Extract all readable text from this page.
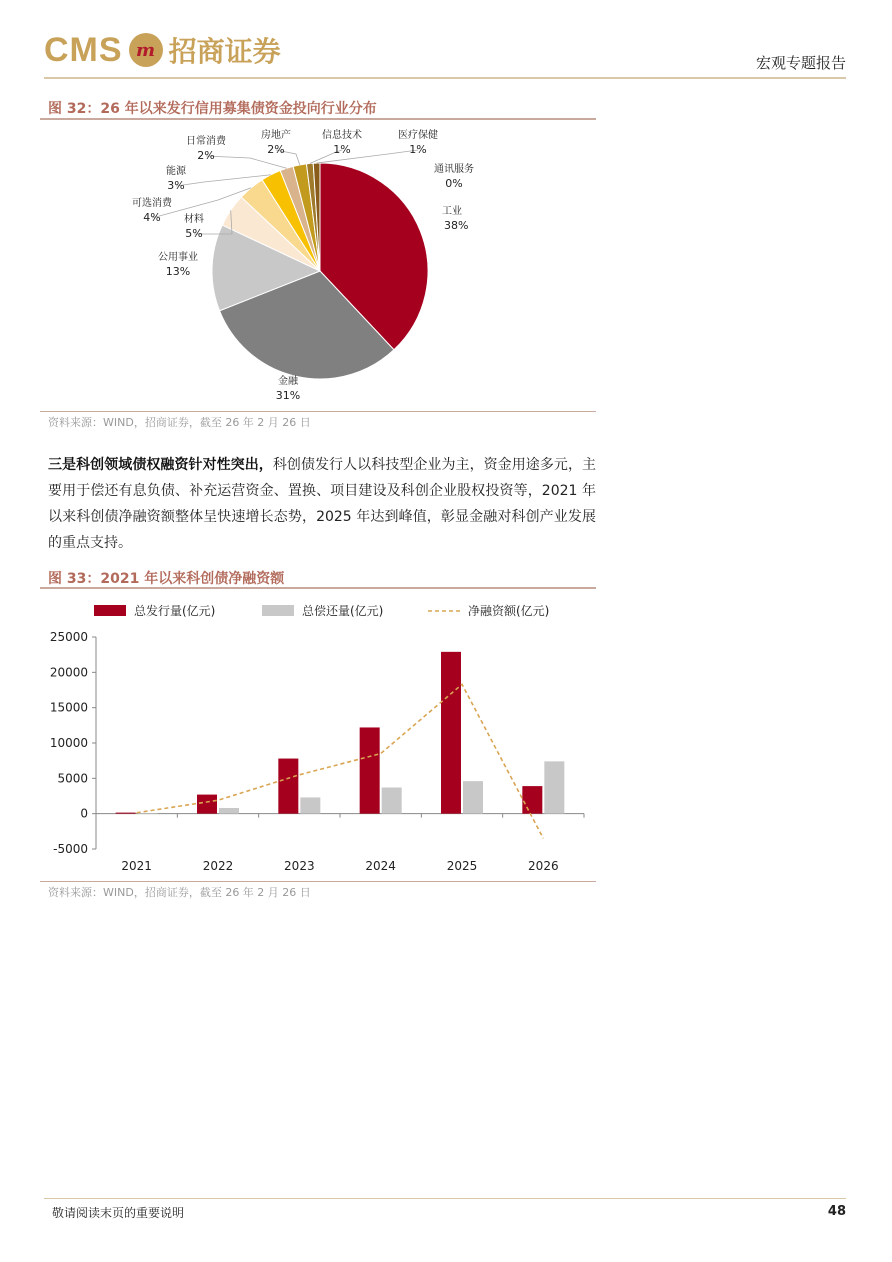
CMS m 招商证券	宏观专题报告
图 32：26 年以来发行信用募集债资金投向行业分布
工业
38%
金融
31%
公用事业
13%
材料
5%
可选消费
4%
能源
3%
日常消费
2%
房地产
2%
信息技术
1%
医疗保健
1%
通讯服务
0%
资料来源：WIND，招商证券，截至 26 年 2 月 26 日
三是科创领域债权融资针对性突出，科创债发行人以科技型企业为主，资金用途多元，主要用于偿还有息负债、补充运营资金、置换、项目建设及科创企业股权投资等，2021 年以来科创债净融资额整体呈快速增长态势，2025 年达到峰值，彰显金融对科创产业发展的重点支持。
图 33：2021 年以来科创债净融资额
-5000
0
5000
10000
15000
20000
25000
2021	2022	2023	2024	2025	2026
总发行量(亿元)	总偿还量(亿元)	净融资额(亿元)
资料来源：WIND，招商证券，截至 26 年 2 月 26 日
敬请阅读末页的重要说明	48
